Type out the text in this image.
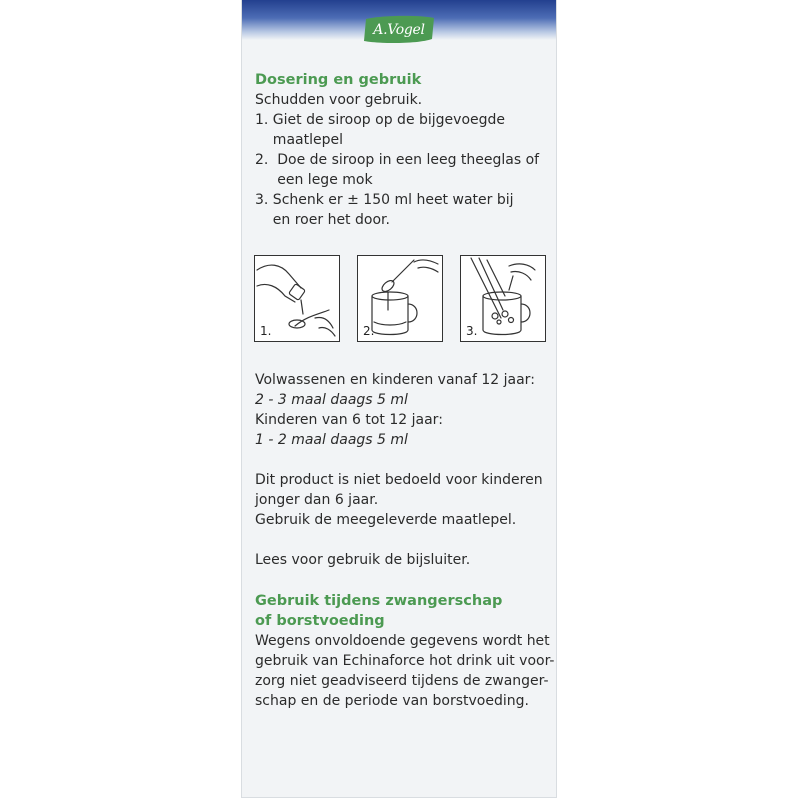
A.Vogel
Dosering en gebruik
Schudden voor gebruik.
1. Giet de siroop op de bijgevoegde
maatlepel
2.  Doe de siroop in een leeg theeglas of
een lege mok
3. Schenk er ± 150 ml heet water bij
en roer het door.
1.	2.	3.
Volwassenen en kinderen vanaf 12 jaar:
2 - 3 maal daags 5 ml
Kinderen van 6 tot 12 jaar:
1 - 2 maal daags 5 ml
Dit product is niet bedoeld voor kinderen
jonger dan 6 jaar.
Gebruik de meegeleverde maatlepel.
Lees voor gebruik de bijsluiter.
Gebruik tijdens zwangerschap
of borstvoeding
Wegens onvoldoende gegevens wordt het
gebruik van Echinaforce hot drink uit voor-
zorg niet geadviseerd tijdens de zwanger-
schap en de periode van borstvoeding.
